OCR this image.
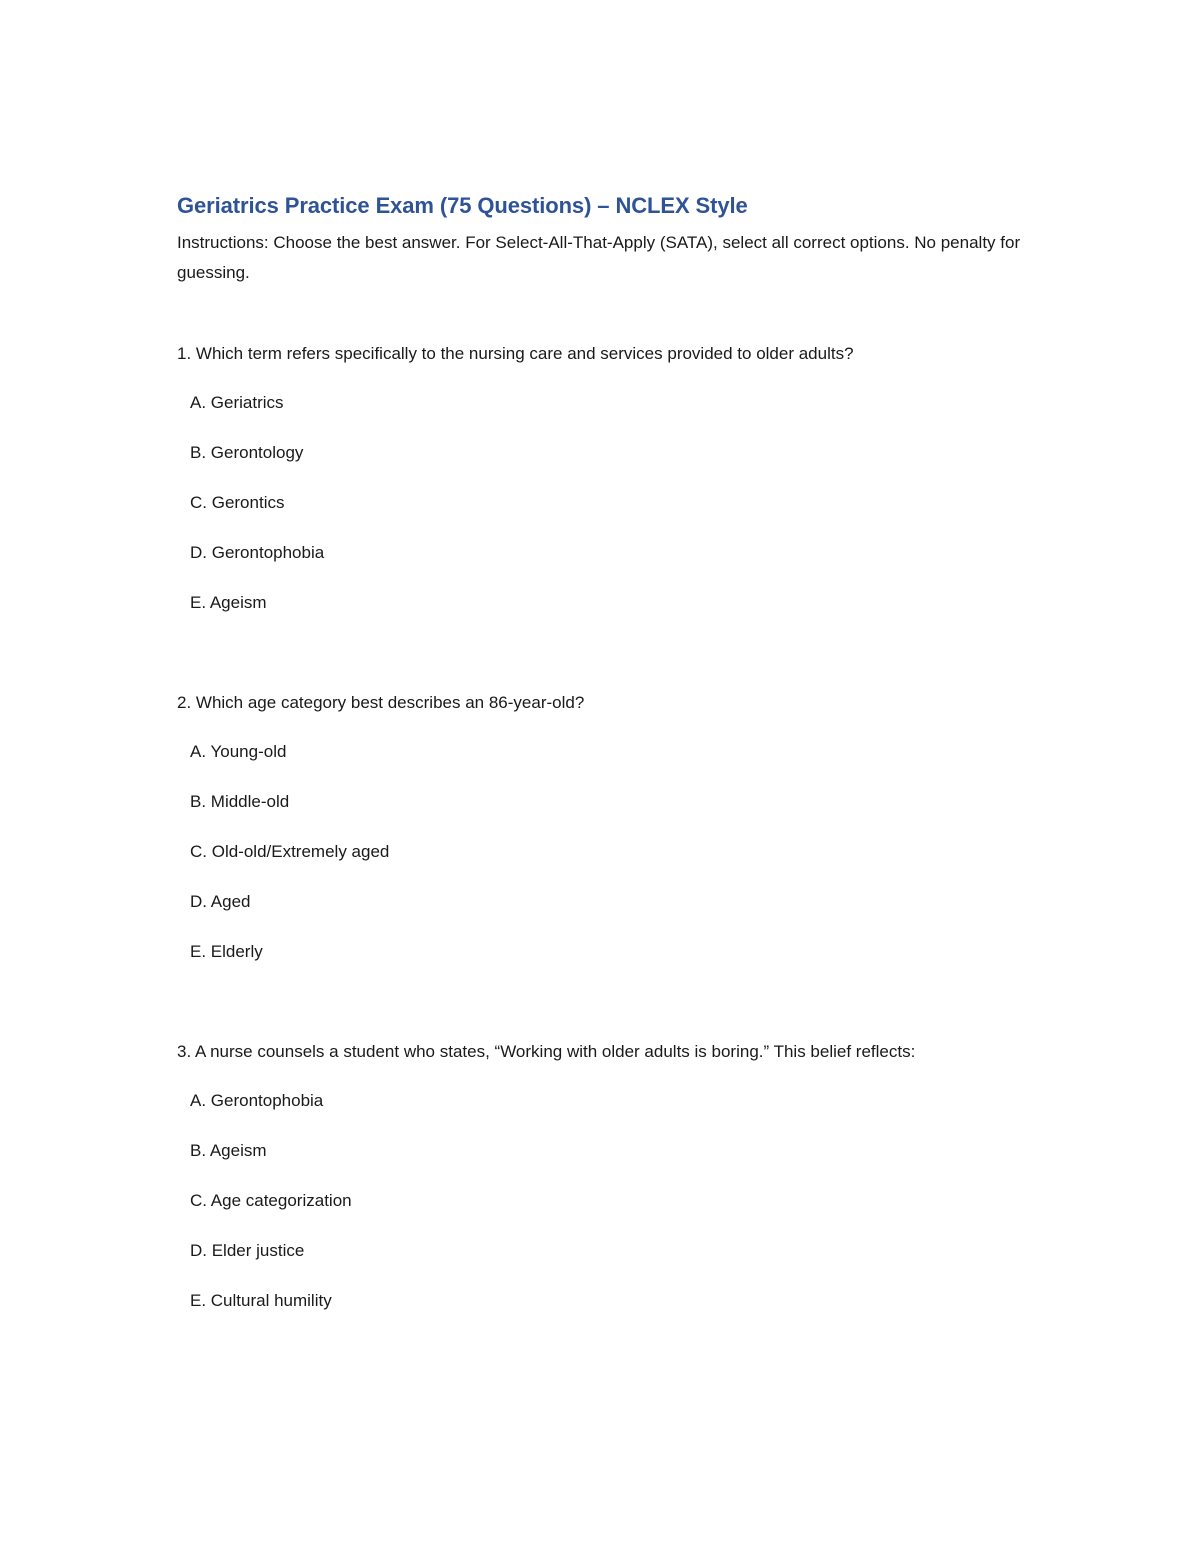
Geriatrics Practice Exam (75 Questions) – NCLEX Style

Instructions: Choose the best answer. For Select-All-That-Apply (SATA), select all correct options. No penalty for guessing.

1. Which term refers specifically to the nursing care and services provided to older adults?

A. Geriatrics
B. Gerontology
C. Gerontics
D. Gerontophobia
E. Ageism

2. Which age category best describes an 86-year-old?

A. Young-old
B. Middle-old
C. Old-old/Extremely aged
D. Aged
E. Elderly

3. A nurse counsels a student who states, “Working with older adults is boring.” This belief reflects:

A. Gerontophobia
B. Ageism
C. Age categorization
D. Elder justice
E. Cultural humility
